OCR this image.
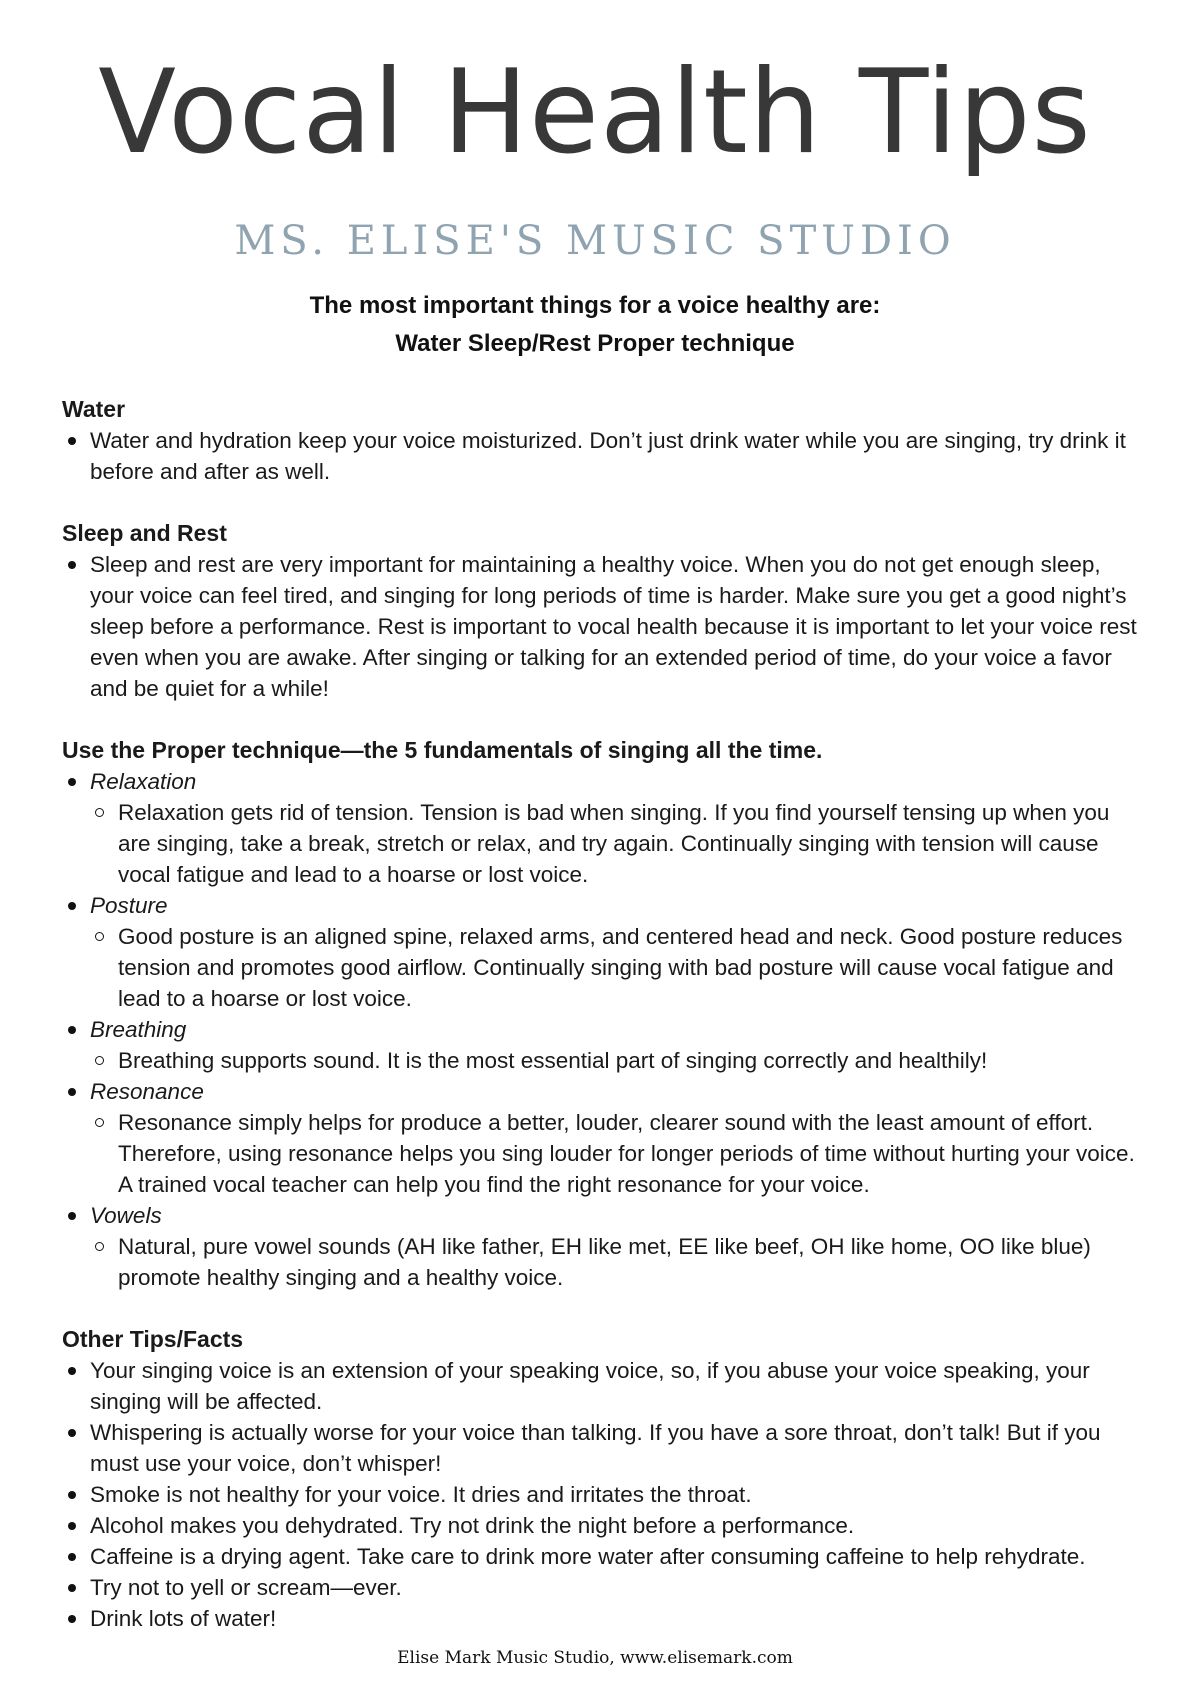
Vocal Health Tips
MS. ELISE'S MUSIC STUDIO
The most important things for a voice healthy are:
Water Sleep/Rest Proper technique
Water
Water and hydration keep your voice moisturized. Don’t just drink water while you are singing, try drink it before and after as well.
Sleep and Rest
Sleep and rest are very important for maintaining a healthy voice. When you do not get enough sleep, your voice can feel tired, and singing for long periods of time is harder. Make sure you get a good night’s sleep before a performance. Rest is important to vocal health because it is important to let your voice rest even when you are awake. After singing or talking for an extended period of time, do your voice a favor and be quiet for a while!
Use the Proper technique—the 5 fundamentals of singing all the time.
Relaxation
Relaxation gets rid of tension. Tension is bad when singing. If you find yourself tensing up when you are singing, take a break, stretch or relax, and try again. Continually singing with tension will cause vocal fatigue and lead to a hoarse or lost voice.
Posture
Good posture is an aligned spine, relaxed arms, and centered head and neck. Good posture reduces tension and promotes good airflow. Continually singing with bad posture will cause vocal fatigue and lead to a hoarse or lost voice.
Breathing
Breathing supports sound. It is the most essential part of singing correctly and healthily!
Resonance
Resonance simply helps for produce a better, louder, clearer sound with the least amount of effort. Therefore, using resonance helps you sing louder for longer periods of time without hurting your voice. A trained vocal teacher can help you find the right resonance for your voice.
Vowels
Natural, pure vowel sounds (AH like father, EH like met, EE like beef, OH like home, OO like blue) promote healthy singing and a healthy voice.
Other Tips/Facts
Your singing voice is an extension of your speaking voice, so, if you abuse your voice speaking, your singing will be affected.
Whispering is actually worse for your voice than talking. If you have a sore throat, don’t talk! But if you must use your voice, don’t whisper!
Smoke is not healthy for your voice. It dries and irritates the throat.
Alcohol makes you dehydrated. Try not drink the night before a performance.
Caffeine is a drying agent. Take care to drink more water after consuming caffeine to help rehydrate.
Try not to yell or scream—ever.
Drink lots of water!
Elise Mark Music Studio, www.elisemark.com
